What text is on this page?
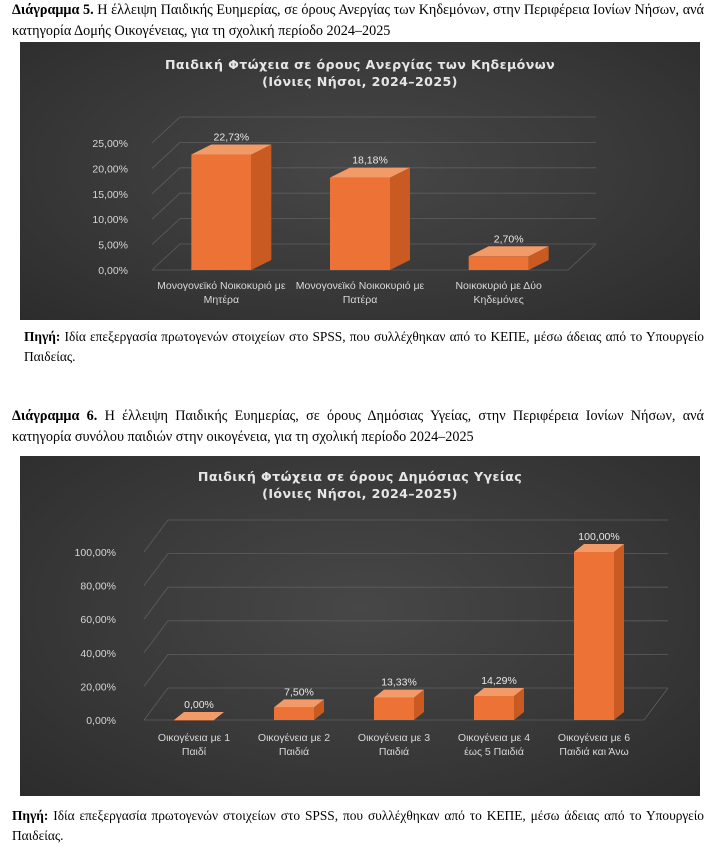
Διάγραμμα 5. Η έλλειψη Παιδικής Ευημερίας, σε όρους Ανεργίας των Κηδεμόνων, στην Περιφέρεια Ιονίων Νήσων, ανά κατηγορία Δομής Οικογένειας, για τη σχολική περίοδο 2024–2025
Παιδική Φτώχεια σε όρους Ανεργίας των Κηδεμόνων
(Ιόνιες Νήσοι, 2024–2025)
0,00%
5,00%
10,00%
15,00%
20,00%
25,00%
22,73%
Μονογονεϊκό Νοικοκυριό με
Μητέρα
18,18%
Μονογονεϊκό Νοικοκυριό με
Πατέρα
2,70%
Νοικοκυριό με Δύο
Κηδεμόνες
Πηγή: Ιδία επεξεργασία πρωτογενών στοιχείων στο SPSS, που συλλέχθηκαν από το ΚΕΠΕ, μέσω άδειας από το Υπουργείο Παιδείας.
Διάγραμμα 6. Η έλλειψη Παιδικής Ευημερίας, σε όρους Δημόσιας Υγείας, στην Περιφέρεια Ιονίων Νήσων, ανά κατηγορία συνόλου παιδιών στην οικογένεια, για τη σχολική περίοδο 2024–2025
Παιδική Φτώχεια σε όρους Δημόσιας Υγείας
(Ιόνιες Νήσοι, 2024–2025)
0,00%
20,00%
40,00%
60,00%
80,00%
100,00%
0,00%
Οικογένεια με 1
Παιδί
7,50%
Οικογένεια με 2
Παιδιά
13,33%
Οικογένεια με 3
Παιδιά
14,29%
Οικογένεια με 4
έως 5 Παιδιά
100,00%
Οικογένεια με 6
Παιδιά και Άνω
Πηγή: Ιδία επεξεργασία πρωτογενών στοιχείων στο SPSS, που συλλέχθηκαν από το ΚΕΠΕ, μέσω άδειας από το Υπουργείο Παιδείας.
